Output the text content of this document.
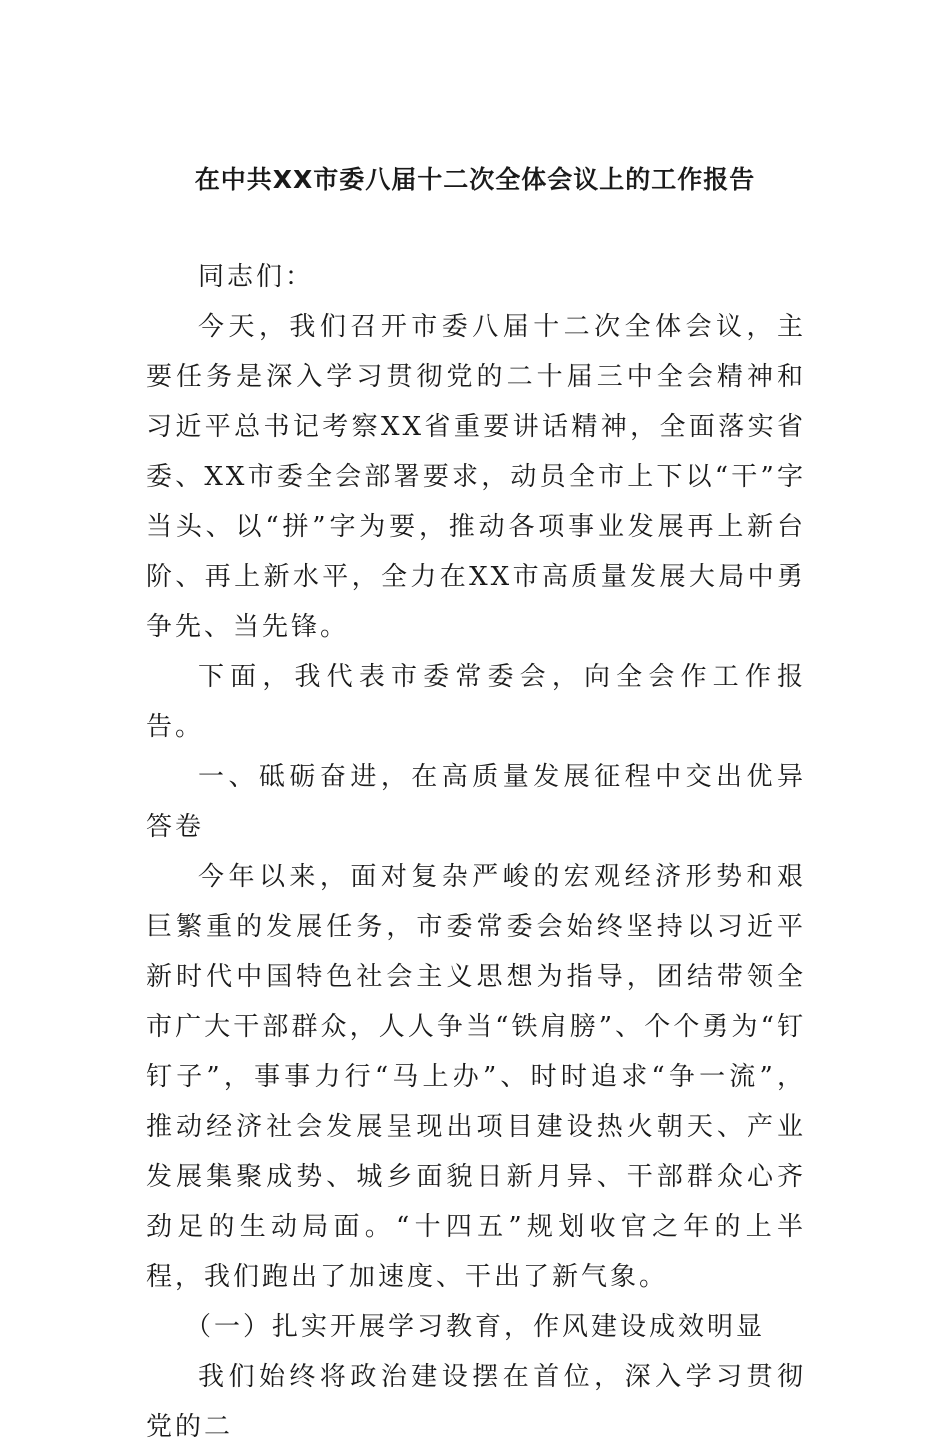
在中共XX市委八届十二次全体会议上的工作报告

同志们：

今天，我们召开市委八届十二次全体会议，主要任务是深入学习贯彻党的二十届三中全会精神和习近平总书记考察XX省重要讲话精神，全面落实省委、XX市委全会部署要求，动员全市上下以“干”字当头、以“拼”字为要，推动各项事业发展再上新台阶、再上新水平，全力在XX市高质量发展大局中勇争先、当先锋。

下面，我代表市委常委会，向全会作工作报告。

一、砥砺奋进，在高质量发展征程中交出优异答卷

今年以来，面对复杂严峻的宏观经济形势和艰巨繁重的发展任务，市委常委会始终坚持以习近平新时代中国特色社会主义思想为指导，团结带领全市广大干部群众，人人争当“铁肩膀”、个个勇为“钉钉子”，事事力行“马上办”、时时追求“争一流”，推动经济社会发展呈现出项目建设热火朝天、产业发展集聚成势、城乡面貌日新月异、干部群众心齐劲足的生动局面。“十四五”规划收官之年的上半程，我们跑出了加速度、干出了新气象。

（一）扎实开展学习教育，作风建设成效明显

我们始终将政治建设摆在首位，深入学习贯彻党的二
